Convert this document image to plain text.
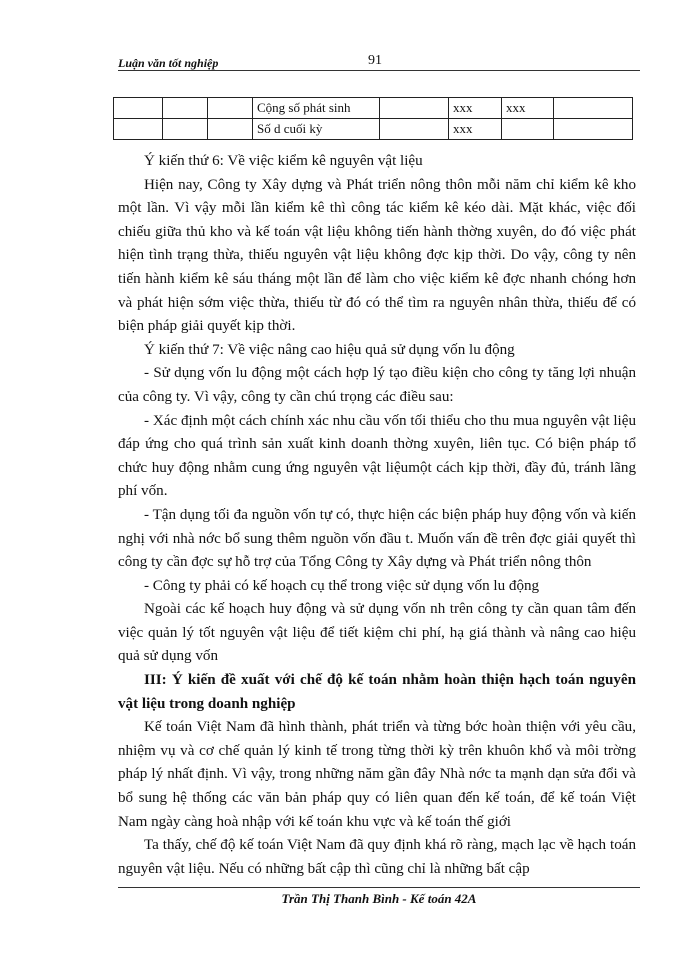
Luận văn tốt nghiệp	91
			Cộng số phát sinh		xxx	xxx	
			Số d cuối kỳ		xxx		

Ý kiến thứ 6: Về việc kiểm kê nguyên vật liệu

Hiện nay, Công ty Xây dựng và Phát triển nông thôn mỗi năm chỉ kiểm kê kho một lần. Vì vậy mỗi lần kiểm kê thì công tác kiểm kê kéo dài. Mặt khác, việc đối chiếu giữa thủ kho và kế toán vật liệu không tiến hành thờng xuyên, do đó việc phát hiện tình trạng thừa, thiếu nguyên vật liệu không đợc kịp thời. Do vậy, công ty nên tiến hành kiểm kê sáu tháng một lần để làm cho việc kiểm kê đợc nhanh chóng hơn và phát hiện sớm việc thừa, thiếu từ đó có thể tìm ra nguyên nhân thừa, thiếu để có biện pháp giải quyết kịp thời.

Ý kiến thứ 7: Về việc nâng cao hiệu quả sử dụng vốn lu động

- Sử dụng vốn lu động một cách hợp lý tạo điều kiện cho công ty tăng lợi nhuận của công ty. Vì vậy, công ty cần chú trọng các điều sau:

- Xác định một cách chính xác nhu cầu vốn tối thiểu cho thu mua nguyên vật liệu đáp ứng cho quá trình sản xuất kinh doanh thờng xuyên, liên tục. Có biện pháp tổ chức huy động nhằm cung ứng nguyên vật liệumột cách kịp thời, đầy đủ, tránh lãng phí vốn.

- Tận dụng tối đa nguồn vốn tự có, thực hiện các biện pháp huy động vốn và kiến nghị với nhà nớc bổ sung thêm nguồn vốn đầu t. Muốn vấn đề trên đợc giải quyết thì công ty cần đợc sự hỗ trợ của Tổng Công ty Xây dựng và Phát triển nông thôn

- Công ty phải có kế hoạch cụ thể trong việc sử dụng vốn lu động

Ngoài các kế hoạch huy động và sử dụng vốn nh trên công ty cần quan tâm đến việc quản lý tốt nguyên vật liệu để tiết kiệm chi phí, hạ giá thành và nâng cao hiệu quả sử dụng vốn

III: Ý kiến đề xuất với chế độ kế toán nhằm hoàn thiện hạch toán nguyên vật liệu trong doanh nghiệp

Kế toán Việt Nam đã hình thành, phát triển và từng bớc hoàn thiện với yêu cầu, nhiệm vụ và cơ chế quản lý kinh tế trong từng thời kỳ trên khuôn khổ và môi trờng pháp lý nhất định. Vì vậy, trong những năm gần đây Nhà nớc ta mạnh dạn sửa đổi và bổ sung hệ thống các văn bản pháp quy có liên quan đến kế toán, để kế toán Việt Nam ngày càng hoà nhập với kế toán khu vực và kế toán thế giới

Ta thấy, chế độ kế toán Việt Nam đã quy định khá rõ ràng, mạch lạc về hạch toán nguyên vật liệu. Nếu có những bất cập thì cũng chỉ là những bất cập

Trần Thị Thanh Bình - Kế toán 42A
